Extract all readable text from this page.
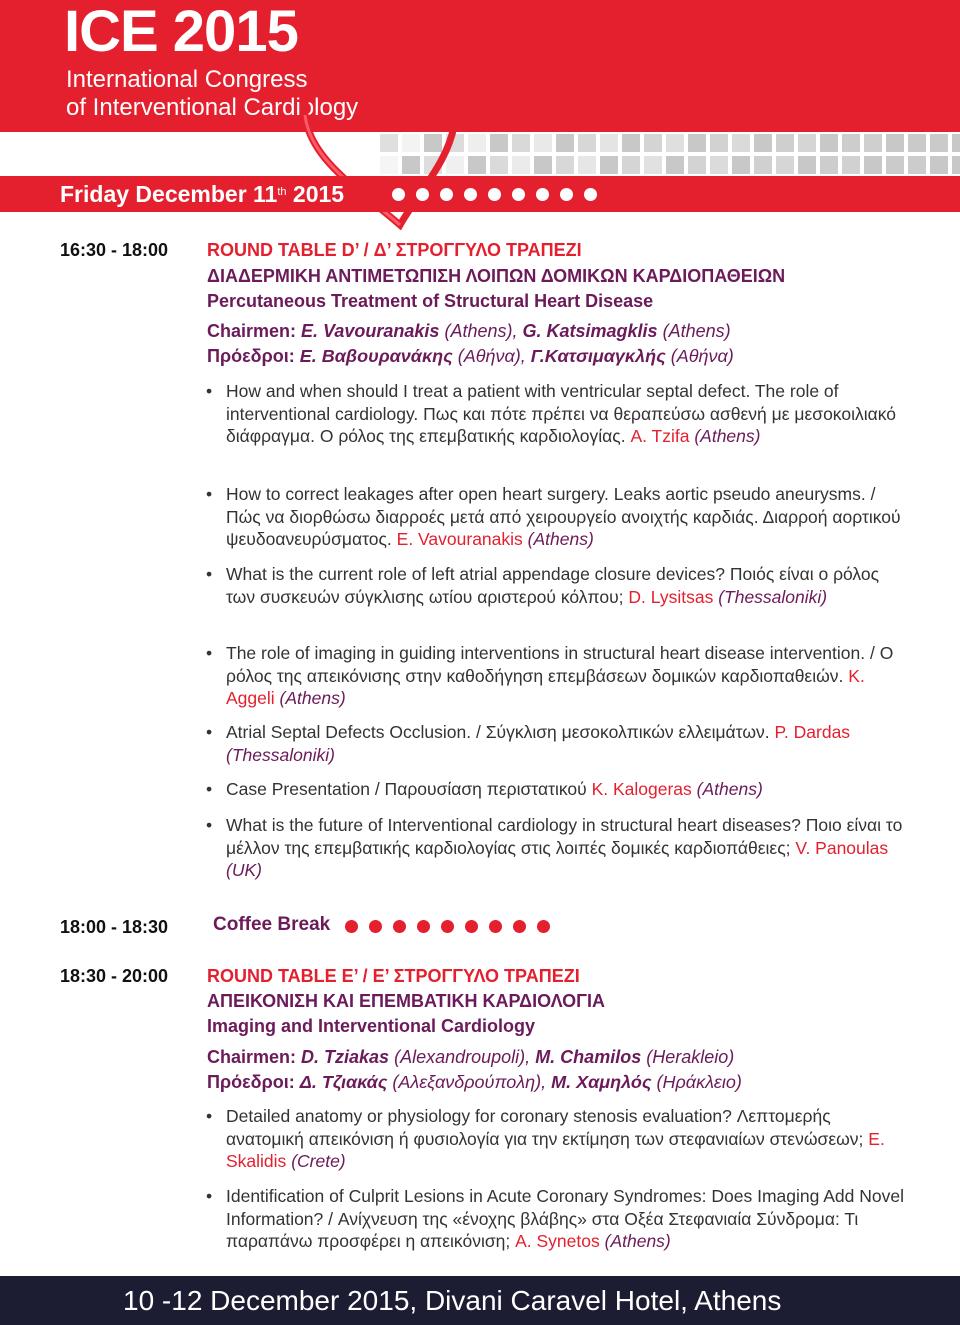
ICE 2015
International Congress
of Interventional Cardiology
Friday December 11th 2015
16:30 - 18:00 ROUND TABLE D’ / Δ’ ΣΤΡΟΓΓΥΛΟ ΤΡΑΠΕΖΙ
ΔΙΑΔΕΡΜΙΚΗ ΑΝΤΙΜΕΤΩΠΙΣΗ ΛΟΙΠΩΝ ΔΟΜΙΚΩΝ ΚΑΡΔΙΟΠΑΘΕΙΩΝ
Percutaneous Treatment of Structural Heart Disease
Chairmen: E. Vavouranakis (Athens), G. Katsimagklis (Athens)
Πρόεδροι: Ε. Βαβουρανάκης (Αθήνα), Γ.Κατσιμαγκλής (Αθήνα)
• How and when should I treat a patient with ventricular septal defect. The role of interventional cardiology. Πως και πότε πρέπει να θεραπεύσω ασθενή με μεσοκοιλιακό διάφραγμα. Ο ρόλος της επεμβατικής καρδιολογίας. A. Tzifa (Athens)
• How to correct leakages after open heart surgery. Leaks aortic pseudo aneurysms. / Πώς να διορθώσω διαρροές μετά από χειρουργείο ανοιχτής καρδιάς. Διαρροή αορτικού ψευδοανευρύσματος. E. Vavouranakis (Athens)
• What is the current role of left atrial appendage closure devices? Ποιός είναι ο ρόλος των συσκευών σύγκλισης ωτίου αριστερού κόλπου; D. Lysitsas (Thessaloniki)
• The role of imaging in guiding interventions in structural heart disease intervention. / Ο ρόλος της απεικόνισης στην καθοδήγηση επεμβάσεων δομικών καρδιοπαθειών. K. Aggeli (Athens)
• Atrial Septal Defects Occlusion. / Σύγκλιση μεσοκολπικών ελλειμάτων. P. Dardas (Thessaloniki)
• Case Presentation / Παρουσίαση περιστατικού K. Kalogeras (Athens)
• What is the future of Interventional cardiology in structural heart diseases? Ποιο είναι το μέλλον της επεμβατικής καρδιολογίας στις λοιπές δομικές καρδιοπάθειες; V. Panoulas (UK)
18:00 - 18:30 Coffee Break
18:30 - 20:00 ROUND TABLE E’ / Ε’ ΣΤΡΟΓΓΥΛΟ ΤΡΑΠΕΖΙ
ΑΠΕΙΚΟΝΙΣΗ ΚΑΙ ΕΠΕΜΒΑΤΙΚΗ ΚΑΡΔΙΟΛΟΓΙΑ
Imaging and Interventional Cardiology
Chairmen: D. Tziakas (Alexandroupoli), M. Chamilos (Herakleio)
Πρόεδροι: Δ. Τζιακάς (Αλεξανδρούπολη), Μ. Χαμηλός (Ηράκλειο)
• Detailed anatomy or physiology for coronary stenosis evaluation? Λεπτομερής ανατομική απεικόνιση ή φυσιολογία για την εκτίμηση των στεφανιαίων στενώσεων; E. Skalidis (Crete)
• Identification of Culprit Lesions in Acute Coronary Syndromes: Does Imaging Add Novel Information? / Ανίχνευση της «ένοχης βλάβης» στα Οξέα Στεφανιαία Σύνδρομα: Τι παραπάνω προσφέρει η απεικόνιση; A. Synetos (Athens)
10 -12 December 2015, Divani Caravel Hotel, Athens
